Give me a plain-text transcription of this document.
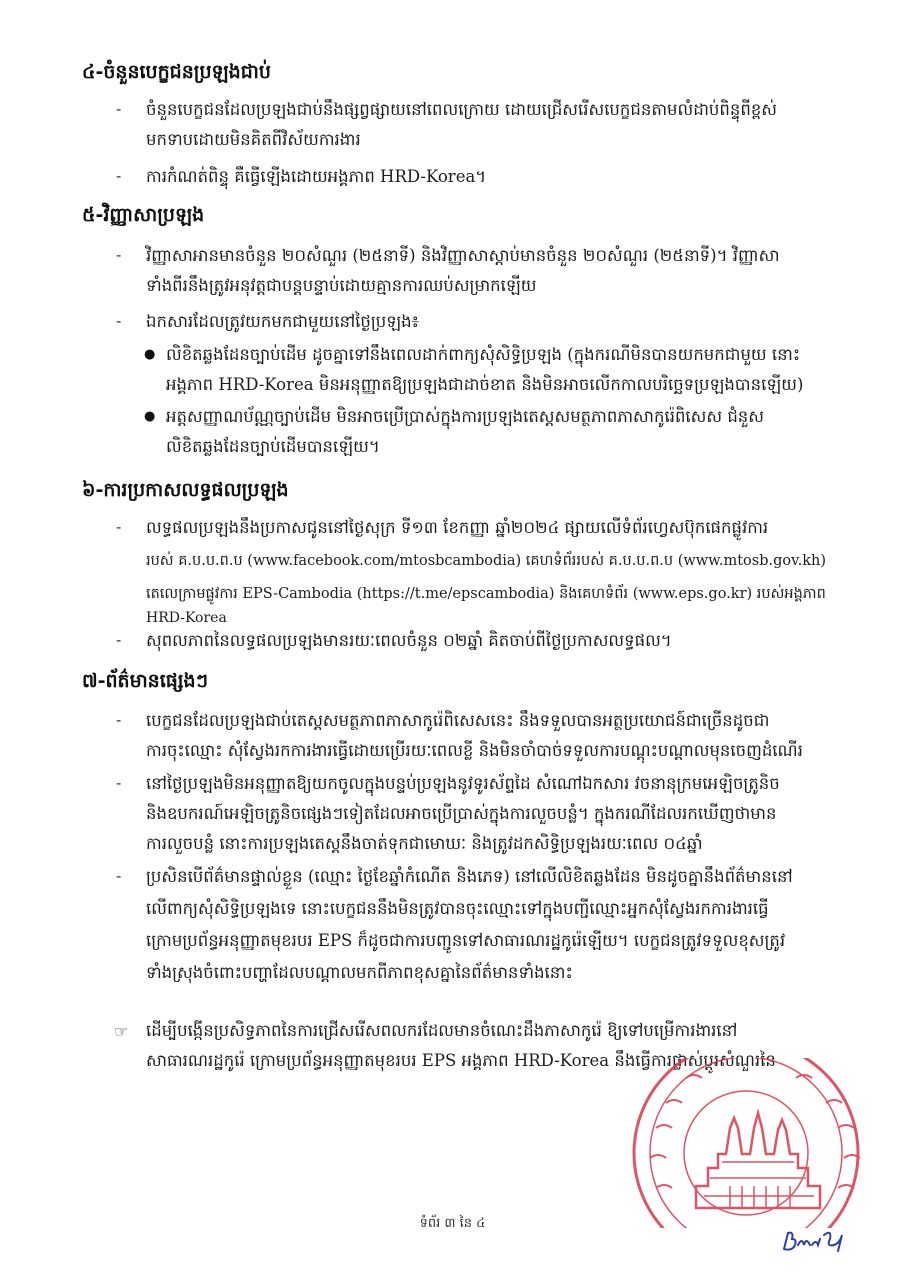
៤-ចំនួនបេក្ខជនប្រឡងជាប់
- ចំនួនបេក្ខជនដែលប្រឡងជាប់នឹងផ្សព្វផ្សាយនៅពេលក្រោយ ដោយជ្រើសរើសបេក្ខជនតាមលំដាប់ពិន្ទុពីខ្ពស់
មកទាបដោយមិនគិតពីវិស័យការងារ
- ការកំណត់ពិន្ទុ គឺធ្វើឡើងដោយអង្គភាព HRD-Korea។
៥-វិញ្ញាសាប្រឡង
- វិញ្ញាសាអានមានចំនួន ២០សំណួរ (២៥នាទី) និងវិញ្ញាសាស្តាប់មានចំនួន ២០សំណួរ (២៥នាទី)។ វិញ្ញាសា
ទាំងពីរនឹងត្រូវអនុវត្តជាបន្តបន្ទាប់ដោយគ្មានការឈប់សម្រាកឡើយ
- ឯកសារដែលត្រូវយកមកជាមួយនៅថ្ងៃប្រឡង៖
● លិខិតឆ្លងដែនច្បាប់ដើម ដូចគ្នាទៅនឹងពេលដាក់ពាក្យសុំសិទ្ធិប្រឡង (ក្នុងករណីមិនបានយកមកជាមួយ នោះ
អង្គភាព HRD-Korea មិនអនុញ្ញាតឱ្យប្រឡងជាដាច់ខាត និងមិនអាចលើកកាលបរិច្ឆេទប្រឡងបានឡើយ)
● អត្តសញ្ញាណប័ណ្ណច្បាប់ដើម មិនអាចប្រើប្រាស់ក្នុងការប្រឡងតេស្តសមត្ថភាពភាសាកូរ៉េពិសេស ជំនួស
លិខិតឆ្លងដែនច្បាប់ដើមបានឡើយ។
៦-ការប្រកាសលទ្ធផលប្រឡង
- លទ្ធផលប្រឡងនឹងប្រកាសជូននៅថ្ងៃសុក្រ ទី១៣ ខែកញ្ញា ឆ្នាំ២០២៤ ផ្សាយលើទំព័រហ្វេសប៊ុកផេកផ្លូវការ
របស់ គ.ប.ប.ព.ប (www.facebook.com/mtosbcambodia) គេហទំព័ររបស់ គ.ប.ប.ព.ប (www.mtosb.gov.kh)
តេលេក្រាមផ្លូវការ EPS-Cambodia (https://t.me/epscambodia) និងគេហទំព័រ (www.eps.go.kr) របស់អង្គភាព
HRD-Korea
- សុពលភាពនៃលទ្ធផលប្រឡងមានរយៈពេលចំនួន ០២ឆ្នាំ គិតចាប់ពីថ្ងៃប្រកាសលទ្ធផល។
៧-ព័ត៌មានផ្សេងៗ
- បេក្ខជនដែលប្រឡងជាប់តេស្តសមត្ថភាពភាសាកូរ៉េពិសេសនេះ នឹងទទួលបានអត្ថប្រយោជន៍ជាច្រើនដូចជា
ការចុះឈ្មោះ សុំស្វែងរកការងារធ្វើដោយប្រើរយៈពេលខ្លី និងមិនចាំបាច់ទទួលការបណ្តុះបណ្តាលមុនចេញដំណើរ
- នៅថ្ងៃប្រឡងមិនអនុញ្ញាតឱ្យយកចូលក្នុងបន្ទប់ប្រឡងនូវទូរស័ព្ទដៃ សំណៅឯកសារ វចនានុក្រមអេឡិចត្រូនិច
និងឧបករណ៍អេឡិចត្រូនិចផ្សេងៗទៀតដែលអាចប្រើប្រាស់ក្នុងការលួចបន្លំ។ ក្នុងករណីដែលរកឃើញថាមាន
ការលួចបន្លំ នោះការប្រឡងតេស្តនឹងចាត់ទុកជាមោឃៈ និងត្រូវដកសិទ្ធិប្រឡងរយៈពេល ០៤ឆ្នាំ
- ប្រសិនបើព័ត៌មានផ្ទាល់ខ្លួន (ឈ្មោះ ថ្ងៃខែឆ្នាំកំណើត និងភេទ) នៅលើលិខិតឆ្លងដែន មិនដូចគ្នានឹងព័ត៌មាននៅ
លើពាក្យសុំសិទ្ធិប្រឡងទេ នោះបេក្ខជននឹងមិនត្រូវបានចុះឈ្មោះទៅក្នុងបញ្ជីឈ្មោះអ្នកសុំស្វែងរកការងារធ្វើ
ក្រោមប្រព័ន្ធអនុញ្ញាតមុខរបរ EPS ក៏ដូចជាការបញ្ជូនទៅសាធារណរដ្ឋកូរ៉េឡើយ។ បេក្ខជនត្រូវទទួលខុសត្រូវ
ទាំងស្រុងចំពោះបញ្ហាដែលបណ្តាលមកពីភាពខុសគ្នានៃព័ត៌មានទាំងនោះ
☞ ដើម្បីបង្កើនប្រសិទ្ធភាពនៃការជ្រើសរើសពលករដែលមានចំណេះដឹងភាសាកូរ៉េ ឱ្យទៅបម្រើការងារនៅ
សាធារណរដ្ឋកូរ៉េ ក្រោមប្រព័ន្ធអនុញ្ញាតមុខរបរ EPS អង្គភាព HRD-Korea នឹងធ្វើការផ្លាស់ប្តូរសំណួរនៃ
ទំព័រ ៣ នៃ ៤
